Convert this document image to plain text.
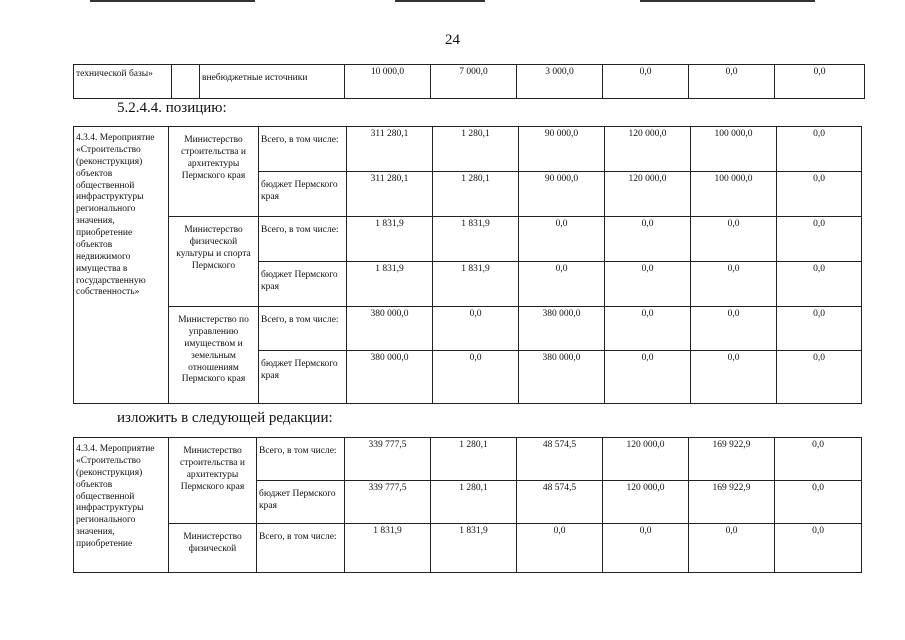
24
технической базы»		внебюджетные источники	10 000,0	7 000,0	3 000,0	0,0	0,0	0,0
5.2.4.4. позицию:
4.3.4. Мероприятие «Строительство (реконструкция) объектов общественной инфраструктуры регионального значения, приобретение объектов недвижимого имущества в государственную собственность»	Министерство строительства и архитектуры Пермского края	Всего, в том числе:	311 280,1	1 280,1	90 000,0	120 000,0	100 000,0	0,0
		бюджет Пермского края	311 280,1	1 280,1	90 000,0	120 000,0	100 000,0	0,0
	Министерство физической культуры и спорта Пермского	Всего, в том числе:	1 831,9	1 831,9	0,0	0,0	0,0	0,0
		бюджет Пермского края	1 831,9	1 831,9	0,0	0,0	0,0	0,0
	Министерство по управлению имуществом и земельным отношениям Пермского края	Всего, в том числе:	380 000,0	0,0	380 000,0	0,0	0,0	0,0
		бюджет Пермского края	380 000,0	0,0	380 000,0	0,0	0,0	0,0
изложить в следующей редакции:
4.3.4. Мероприятие «Строительство (реконструкция) объектов общественной инфраструктуры регионального значения, приобретение	Министерство строительства и архитектуры Пермского края	Всего, в том числе:	339 777,5	1 280,1	48 574,5	120 000,0	169 922,9	0,0
		бюджет Пермского края	339 777,5	1 280,1	48 574,5	120 000,0	169 922,9	0,0
	Министерство физической	Всего, в том числе:	1 831,9	1 831,9	0,0	0,0	0,0	0,0
